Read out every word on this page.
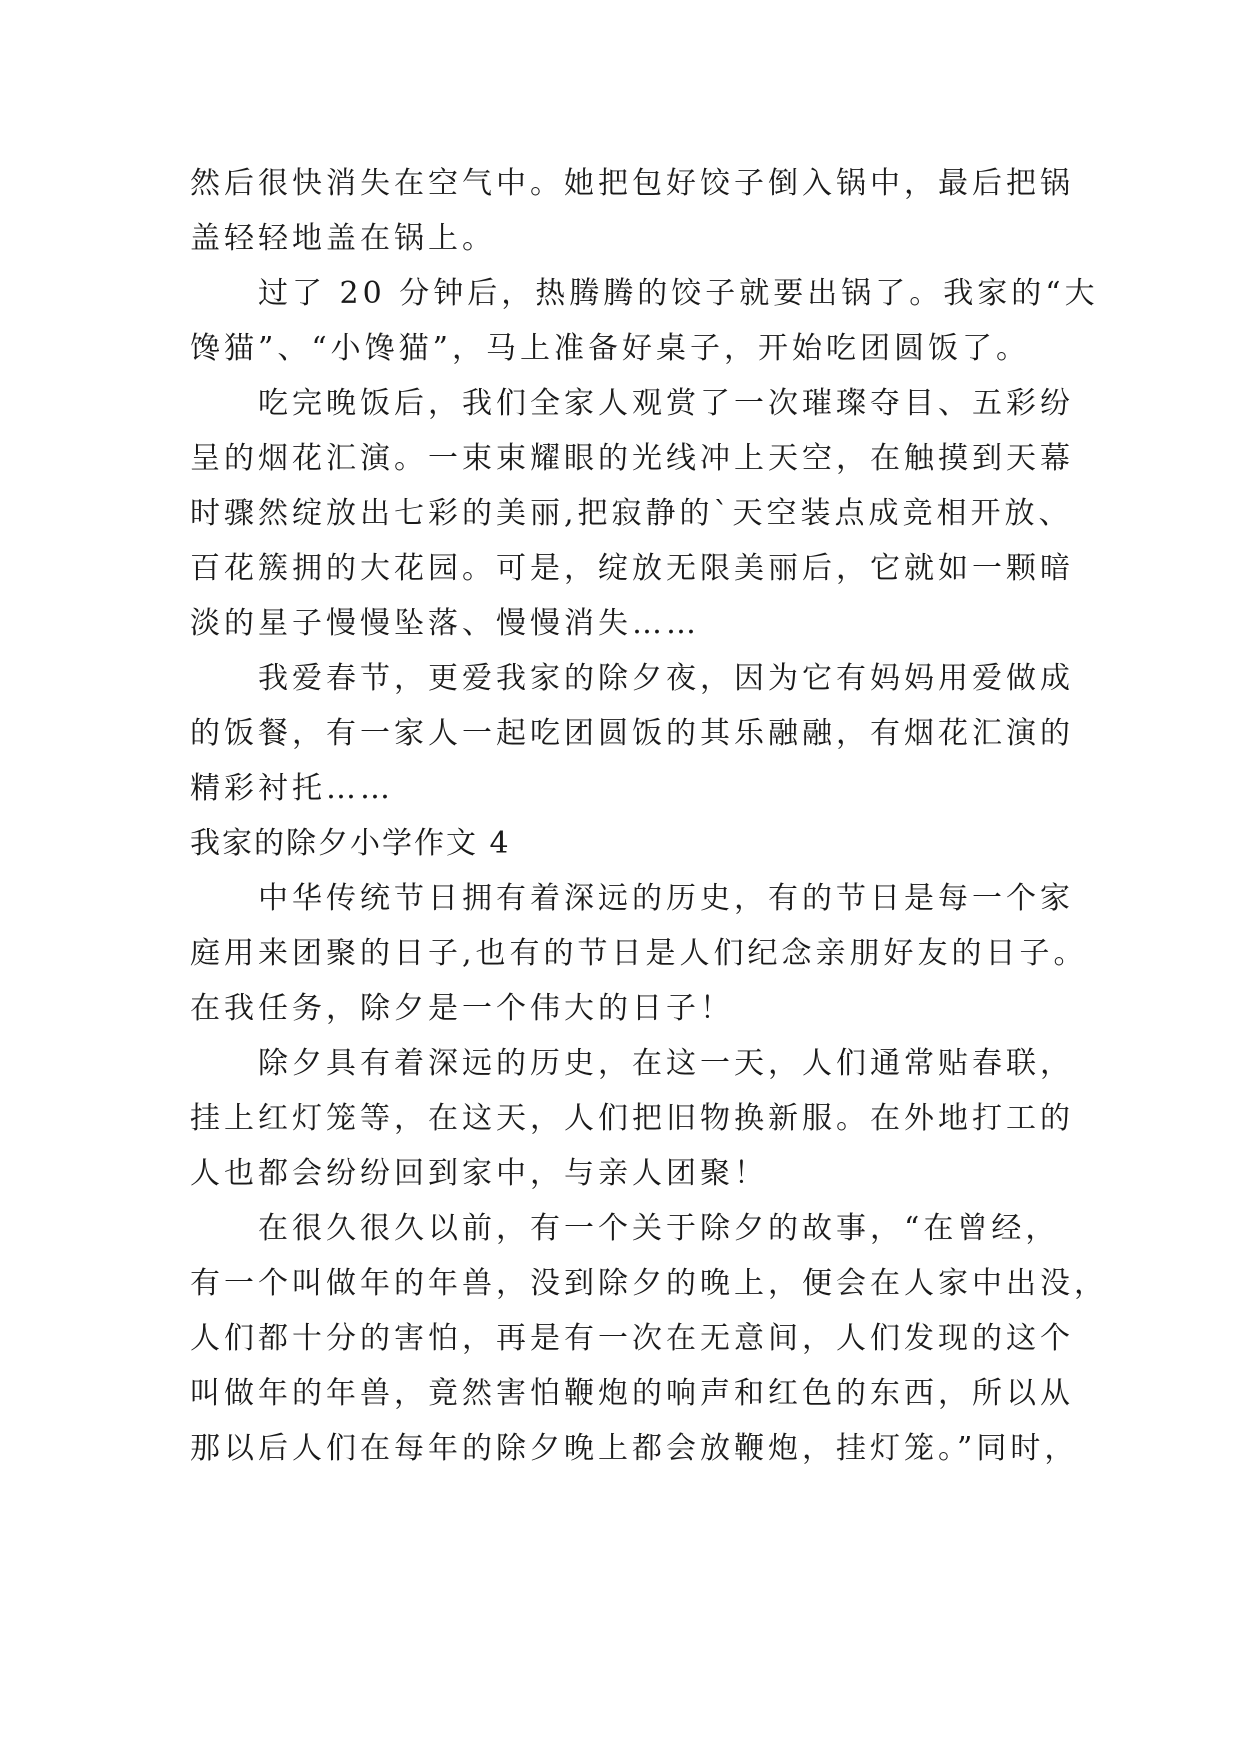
然后很快消失在空气中。她把包好饺子倒入锅中，最后把锅

盖轻轻地盖在锅上。

过了 20 分钟后，热腾腾的饺子就要出锅了。我家的“大

馋猫”、“小馋猫”，马上准备好桌子，开始吃团圆饭了。

吃完晚饭后，我们全家人观赏了一次璀璨夺目、五彩纷

呈的烟花汇演。一束束耀眼的光线冲上天空，在触摸到天幕

时骤然绽放出七彩的美丽,把寂静的`天空装点成竞相开放、

百花簇拥的大花园。可是，绽放无限美丽后，它就如一颗暗

淡的星子慢慢坠落、慢慢消失……

我爱春节，更爱我家的除夕夜，因为它有妈妈用爱做成

的饭餐，有一家人一起吃团圆饭的其乐融融，有烟花汇演的

精彩衬托……

我家的除夕小学作文 4

中华传统节日拥有着深远的历史，有的节日是每一个家

庭用来团聚的日子,也有的节日是人们纪念亲朋好友的日子。

在我任务，除夕是一个伟大的日子！

除夕具有着深远的历史，在这一天，人们通常贴春联，

挂上红灯笼等，在这天，人们把旧物换新服。在外地打工的

人也都会纷纷回到家中，与亲人团聚！

在很久很久以前，有一个关于除夕的故事，“在曾经，

有一个叫做年的年兽，没到除夕的晚上，便会在人家中出没，

人们都十分的害怕，再是有一次在无意间，人们发现的这个

叫做年的年兽，竟然害怕鞭炮的响声和红色的东西，所以从

那以后人们在每年的除夕晚上都会放鞭炮，挂灯笼。”同时，
